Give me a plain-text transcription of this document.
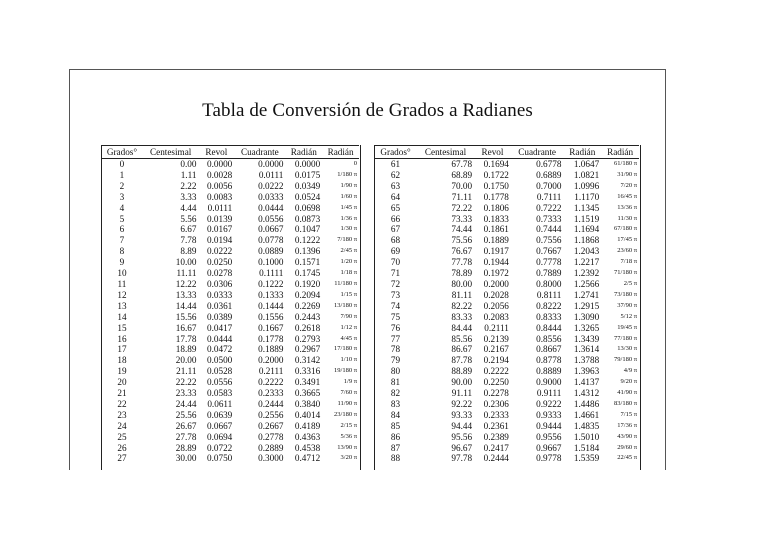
Tabla de Conversión de Grados a Radianes
Grados°	Centesimal	Revol	Cuadrante	Radián	Radián
0	0.00	0.0000	0.0000	0.0000	0
1	1.11	0.0028	0.0111	0.0175	1/180 π
2	2.22	0.0056	0.0222	0.0349	1/90 π
3	3.33	0.0083	0.0333	0.0524	1/60 π
4	4.44	0.0111	0.0444	0.0698	1/45 π
5	5.56	0.0139	0.0556	0.0873	1/36 π
6	6.67	0.0167	0.0667	0.1047	1/30 π
7	7.78	0.0194	0.0778	0.1222	7/180 π
8	8.89	0.0222	0.0889	0.1396	2/45 π
9	10.00	0.0250	0.1000	0.1571	1/20 π
10	11.11	0.0278	0.1111	0.1745	1/18 π
11	12.22	0.0306	0.1222	0.1920	11/180 π
12	13.33	0.0333	0.1333	0.2094	1/15 π
13	14.44	0.0361	0.1444	0.2269	13/180 π
14	15.56	0.0389	0.1556	0.2443	7/90 π
15	16.67	0.0417	0.1667	0.2618	1/12 π
16	17.78	0.0444	0.1778	0.2793	4/45 π
17	18.89	0.0472	0.1889	0.2967	17/180 π
18	20.00	0.0500	0.2000	0.3142	1/10 π
19	21.11	0.0528	0.2111	0.3316	19/180 π
20	22.22	0.0556	0.2222	0.3491	1/9 π
21	23.33	0.0583	0.2333	0.3665	7/60 π
22	24.44	0.0611	0.2444	0.3840	11/90 π
23	25.56	0.0639	0.2556	0.4014	23/180 π
24	26.67	0.0667	0.2667	0.4189	2/15 π
25	27.78	0.0694	0.2778	0.4363	5/36 π
26	28.89	0.0722	0.2889	0.4538	13/90 π
27	30.00	0.0750	0.3000	0.4712	3/20 π
Grados°	Centesimal	Revol	Cuadrante	Radián	Radián
61	67.78	0.1694	0.6778	1.0647	61/180 π
62	68.89	0.1722	0.6889	1.0821	31/90 π
63	70.00	0.1750	0.7000	1.0996	7/20 π
64	71.11	0.1778	0.7111	1.1170	16/45 π
65	72.22	0.1806	0.7222	1.1345	13/36 π
66	73.33	0.1833	0.7333	1.1519	11/30 π
67	74.44	0.1861	0.7444	1.1694	67/180 π
68	75.56	0.1889	0.7556	1.1868	17/45 π
69	76.67	0.1917	0.7667	1.2043	23/60 π
70	77.78	0.1944	0.7778	1.2217	7/18 π
71	78.89	0.1972	0.7889	1.2392	71/180 π
72	80.00	0.2000	0.8000	1.2566	2/5 π
73	81.11	0.2028	0.8111	1.2741	73/180 π
74	82.22	0.2056	0.8222	1.2915	37/90 π
75	83.33	0.2083	0.8333	1.3090	5/12 π
76	84.44	0.2111	0.8444	1.3265	19/45 π
77	85.56	0.2139	0.8556	1.3439	77/180 π
78	86.67	0.2167	0.8667	1.3614	13/30 π
79	87.78	0.2194	0.8778	1.3788	79/180 π
80	88.89	0.2222	0.8889	1.3963	4/9 π
81	90.00	0.2250	0.9000	1.4137	9/20 π
82	91.11	0.2278	0.9111	1.4312	41/90 π
83	92.22	0.2306	0.9222	1.4486	83/180 π
84	93.33	0.2333	0.9333	1.4661	7/15 π
85	94.44	0.2361	0.9444	1.4835	17/36 π
86	95.56	0.2389	0.9556	1.5010	43/90 π
87	96.67	0.2417	0.9667	1.5184	29/60 π
88	97.78	0.2444	0.9778	1.5359	22/45 π
